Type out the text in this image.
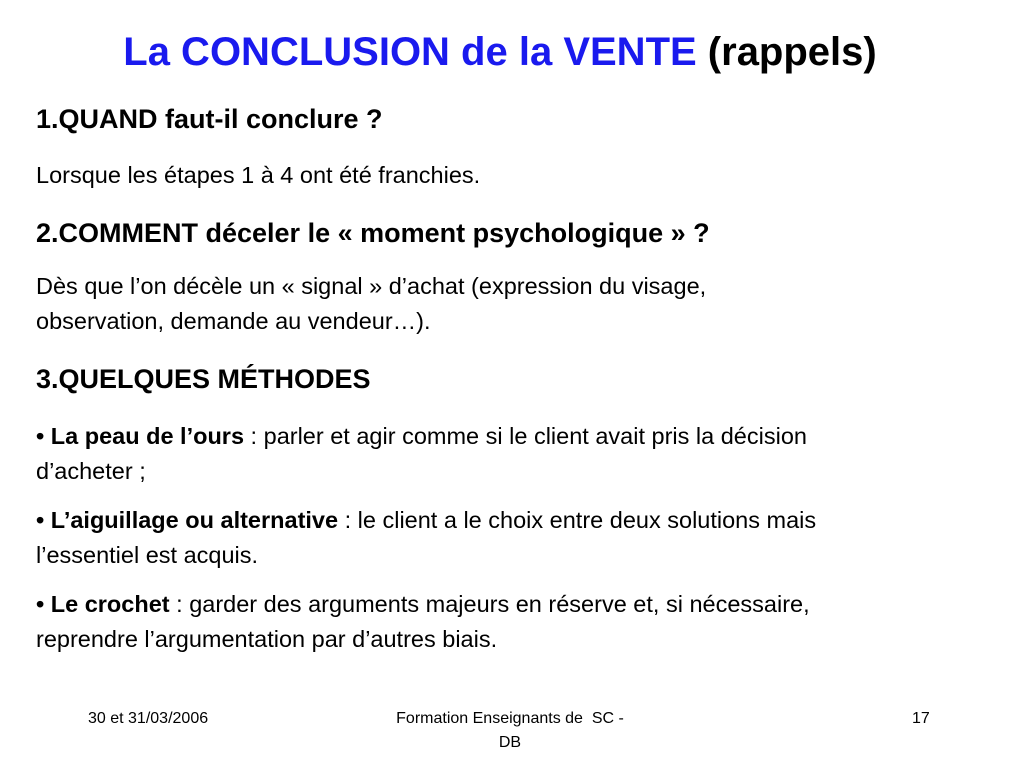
La CONCLUSION de la VENTE (rappels)

1.QUAND faut-il conclure ?

Lorsque les étapes 1 à 4 ont été franchies.

2.COMMENT déceler le « moment psychologique » ?

Dès que l’on décèle un « signal » d’achat (expression du visage,
observation, demande au vendeur…).

3.QUELQUES MÉTHODES

• La peau de l’ours : parler et agir comme si le client avait pris la décision
d’acheter ;
• L’aiguillage ou alternative : le client a le choix entre deux solutions mais
l’essentiel est acquis.
• Le crochet : garder des arguments majeurs en réserve et, si nécessaire,
reprendre l’argumentation par d’autres biais.
30 et 31/03/2006	Formation Enseignants de  SC -
DB
17
